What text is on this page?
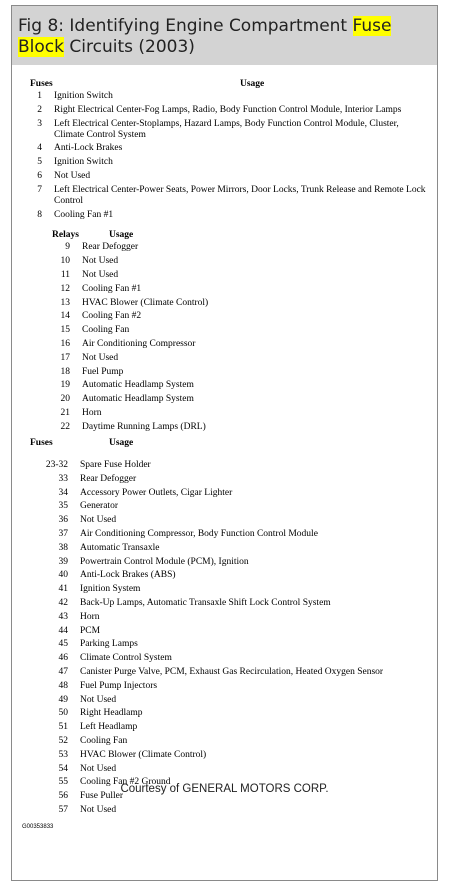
Fig 8: Identifying Engine Compartment Fuse
Block Circuits (2003)
Fuses	Usage
1 Ignition Switch
2 Right Electrical Center-Fog Lamps, Radio, Body Function Control Module, Interior Lamps
3 Left Electrical Center-Stoplamps, Hazard Lamps, Body Function Control Module, Cluster, Climate Control System
4 Anti-Lock Brakes
5 Ignition Switch
6 Not Used
7 Left Electrical Center-Power Seats, Power Mirrors, Door Locks, Trunk Release and Remote Lock Control
8 Cooling Fan #1
Relays	Usage
9 Rear Defogger
10 Not Used
11 Not Used
12 Cooling Fan #1
13 HVAC Blower (Climate Control)
14 Cooling Fan #2
15 Cooling Fan
16 Air Conditioning Compressor
17 Not Used
18 Fuel Pump
19 Automatic Headlamp System
20 Automatic Headlamp System
21 Horn
22 Daytime Running Lamps (DRL)
Fuses	Usage
23-32 Spare Fuse Holder
33 Rear Defogger
34 Accessory Power Outlets, Cigar Lighter
35 Generator
36 Not Used
37 Air Conditioning Compressor, Body Function Control Module
38 Automatic Transaxle
39 Powertrain Control Module (PCM), Ignition
40 Anti-Lock Brakes (ABS)
41 Ignition System
42 Back-Up Lamps, Automatic Transaxle Shift Lock Control System
43 Horn
44 PCM
45 Parking Lamps
46 Climate Control System
47 Canister Purge Valve, PCM, Exhaust Gas Recirculation, Heated Oxygen Sensor
48 Fuel Pump Injectors
49 Not Used
50 Right Headlamp
51 Left Headlamp
52 Cooling Fan
53 HVAC Blower (Climate Control)
54 Not Used
55 Cooling Fan #2 Ground
56 Fuse Puller
57 Not Used
G00353833
Courtesy of GENERAL MOTORS CORP.
